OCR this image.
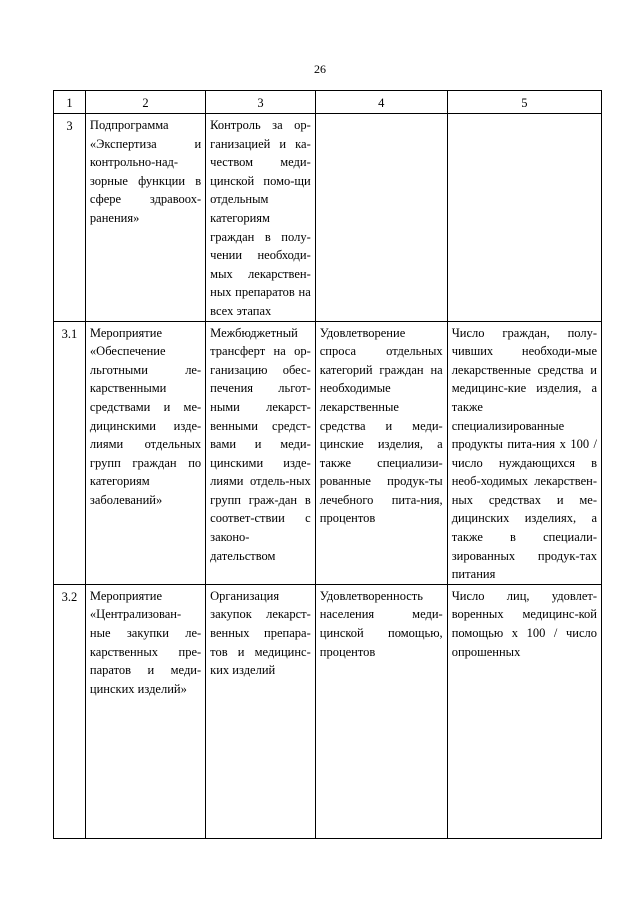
26
1	2	3	4	5
3	Подпрограмма «Экспертиза и контрольно-над-зорные функции в сфере здравоох-ранения»	Контроль за ор-ганизацией и ка-чеством меди-цинской помо-щи отдельным категориям граждан в полу-чении необходи-мых лекарствен-ных препаратов на всех этапах		
3.1	Мероприятие «Обеспечение льготными ле-карственными средствами и ме-дицинскими изде-лиями отдельных групп граждан по категориям заболеваний»	Межбюджетный трансферт на ор-ганизацию обес-печения льгот-ными лекарст-венными средст-вами и меди-цинскими изде-лиями отдель-ных групп граж-дан в соответ-ствии с законо-дательством	Удовлетворение спроса отдельных категорий граждан на необходимые лекарственные средства и меди-цинские изделия, а также специализи-рованные продук-ты лечебного пита-ния, процентов	Число граждан, полу-чивших необходи-мые лекарственные средства и медицинс-кие изделия, а также специализированные продукты пита-ния х 100 / число нуждающихся в необ-ходимых лекарствен-ных средствах и ме-дицинских изделиях, а также в специали-зированных продук-тах питания
3.2	Мероприятие «Централизован-ные закупки ле-карственных пре-паратов и меди-цинских изделий»	Организация закупок лекарст-венных препара-тов и медицинс-ких изделий	Удовлетворенность населения меди-цинской помощью, процентов	Число лиц, удовлет-воренных медицинс-кой помощью х 100 / число опрошенных
